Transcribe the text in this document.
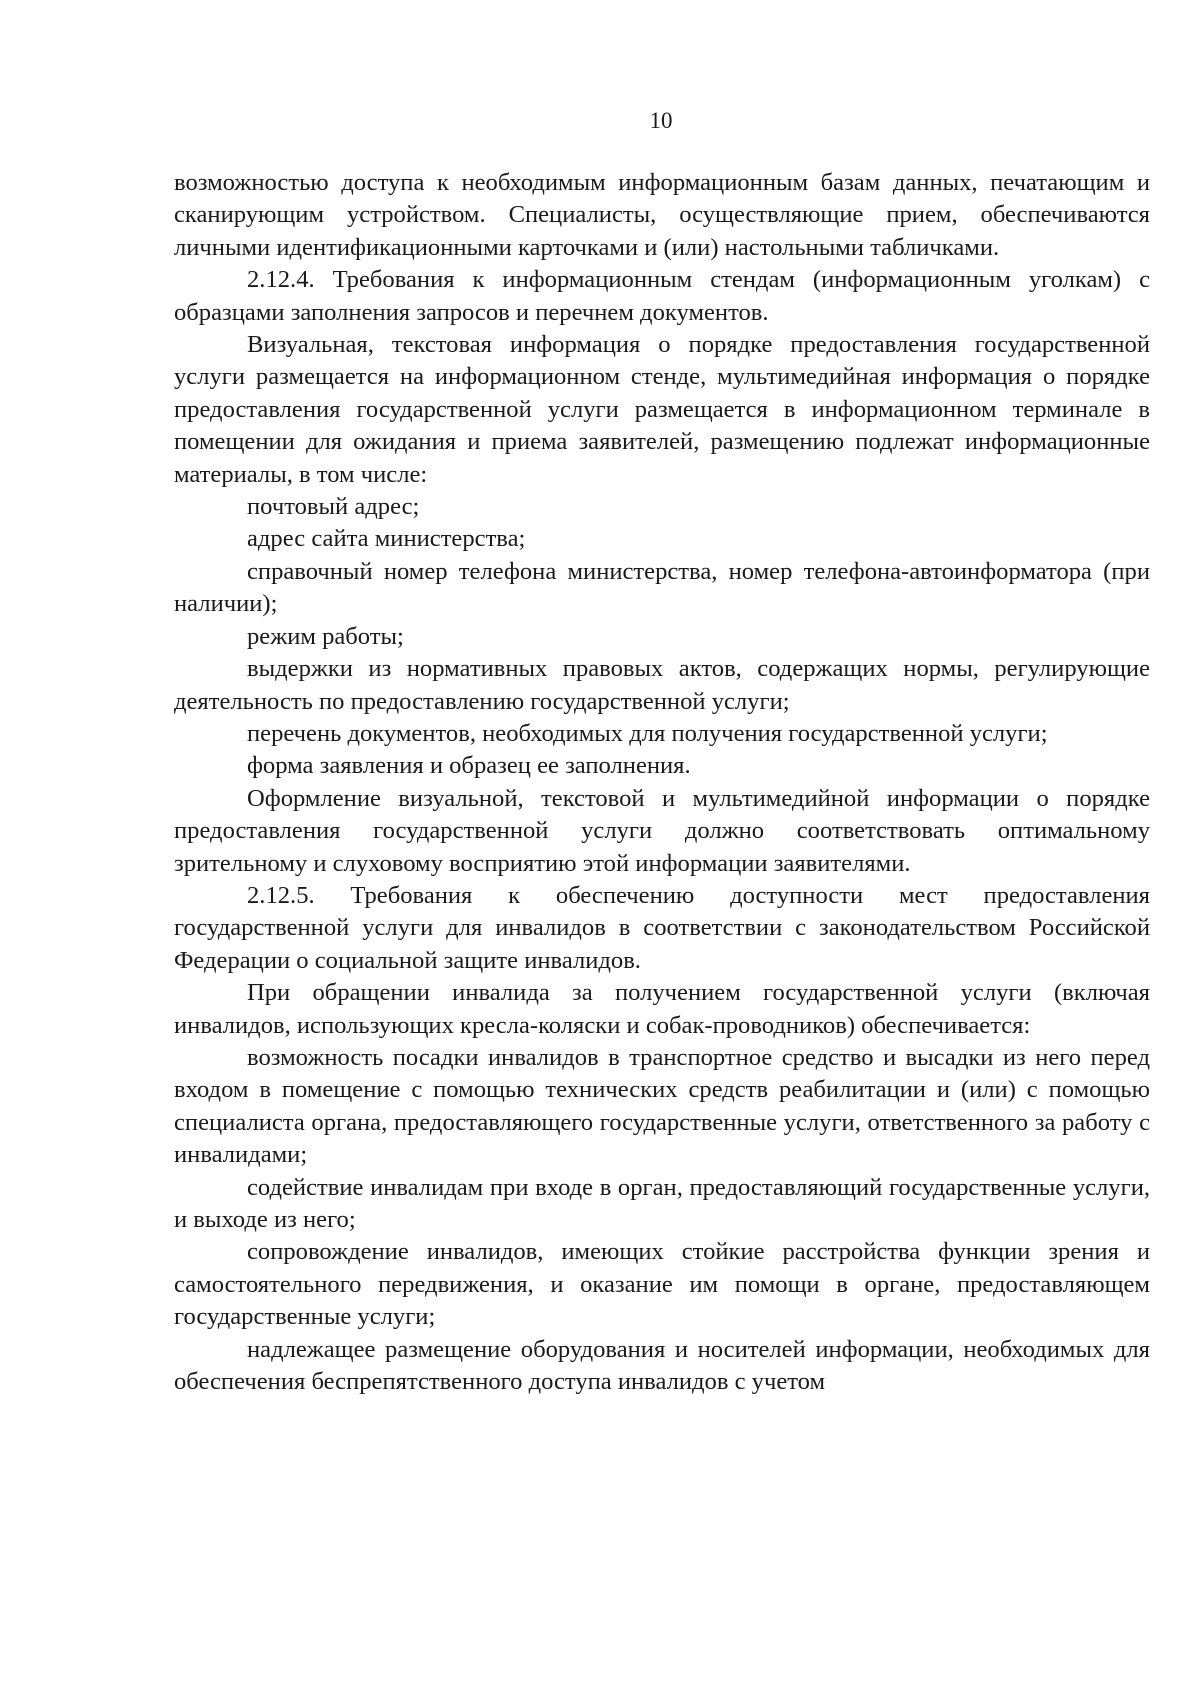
10

возможностью доступа к необходимым информационным базам данных, печатающим и сканирующим устройством. Специалисты, осуществляющие прием, обеспечиваются личными идентификационными карточками и (или) настольными табличками.

2.12.4. Требования к информационным стендам (информационным уголкам) с образцами заполнения запросов и перечнем документов.

Визуальная, текстовая информация о порядке предоставления государственной услуги размещается на информационном стенде, мультимедийная информация о порядке предоставления государственной услуги размещается в информационном терминале в помещении для ожидания и приема заявителей, размещению подлежат информационные материалы, в том числе:

почтовый адрес;

адрес сайта министерства;

справочный номер телефона министерства, номер телефона-автоинформатора (при наличии);

режим работы;

выдержки из нормативных правовых актов, содержащих нормы, регулирующие деятельность по предоставлению государственной услуги;

перечень документов, необходимых для получения государственной услуги;

форма заявления и образец ее заполнения.

Оформление визуальной, текстовой и мультимедийной информации о порядке предоставления государственной услуги должно соответствовать оптимальному зрительному и слуховому восприятию этой информации заявителями.

2.12.5. Требования к обеспечению доступности мест предоставления государственной услуги для инвалидов в соответствии с законодательством Российской Федерации о социальной защите инвалидов.

При обращении инвалида за получением государственной услуги (включая инвалидов, использующих кресла-коляски и собак-проводников) обеспечивается:

возможность посадки инвалидов в транспортное средство и высадки из него перед входом в помещение с помощью технических средств реабилитации и (или) с помощью специалиста органа, предоставляющего государственные услуги, ответственного за работу с инвалидами;

содействие инвалидам при входе в орган, предоставляющий государственные услуги, и выходе из него;

сопровождение инвалидов, имеющих стойкие расстройства функции зрения и самостоятельного передвижения, и оказание им помощи в органе, предоставляющем государственные услуги;

надлежащее размещение оборудования и носителей информации, необходимых для обеспечения беспрепятственного доступа инвалидов с учетом
